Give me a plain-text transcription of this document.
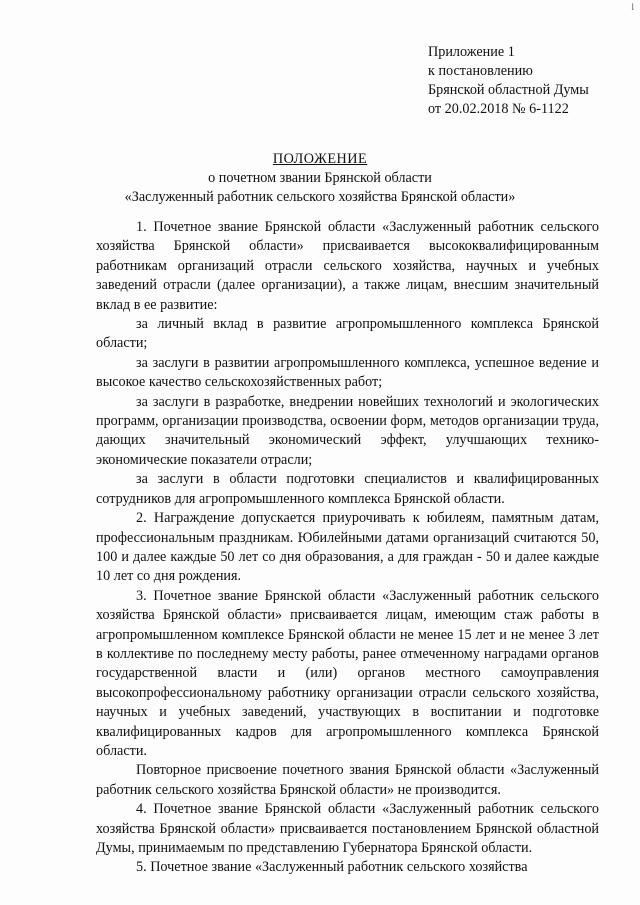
l
Приложение 1
к постановлению
Брянской областной Думы
от 20.02.2018 № 6-1122
ПОЛОЖЕНИЕ
о почетном звании Брянской области
«Заслуженный работник сельского хозяйства Брянской области»

1. Почетное звание Брянской области «Заслуженный работник сельского хозяйства Брянской области» присваивается высококвалифицированным работникам организаций отрасли сельского хозяйства, научных и учебных заведений отрасли (далее организации), а также лицам, внесшим значительный вклад в ее развитие:

за личный вклад в развитие агропромышленного комплекса Брянской области;

за заслуги в развитии агропромышленного комплекса, успешное ведение и высокое качество сельскохозяйственных работ;

за заслуги в разработке, внедрении новейших технологий и экологических программ, организации производства, освоении форм, методов организации труда, дающих значительный экономический эффект, улучшающих технико-экономические показатели отрасли;

за заслуги в области подготовки специалистов и квалифицированных сотрудников для агропромышленного комплекса Брянской области.

2. Награждение допускается приурочивать к юбилеям, памятным датам, профессиональным праздникам. Юбилейными датами организаций считаются 50, 100 и далее каждые 50 лет со дня образования, а для граждан - 50 и далее каждые 10 лет со дня рождения.

3. Почетное звание Брянской области «Заслуженный работник сельского хозяйства Брянской области» присваивается лицам, имеющим стаж работы в агропромышленном комплексе Брянской области не менее 15 лет и не менее 3 лет в коллективе по последнему месту работы, ранее отмеченному наградами органов государственной власти и (или) органов местного самоуправления высокопрофессиональному работнику организации отрасли сельского хозяйства, научных и учебных заведений, участвующих в воспитании и подготовке квалифицированных кадров для агропромышленного комплекса Брянской области.

Повторное присвоение почетного звания Брянской области «Заслуженный работник сельского хозяйства Брянской области» не производится.

4. Почетное звание Брянской области «Заслуженный работник сельского хозяйства Брянской области» присваивается постановлением Брянской областной Думы, принимаемым по представлению Губернатора Брянской области.

5. Почетное звание «Заслуженный работник сельского хозяйства
